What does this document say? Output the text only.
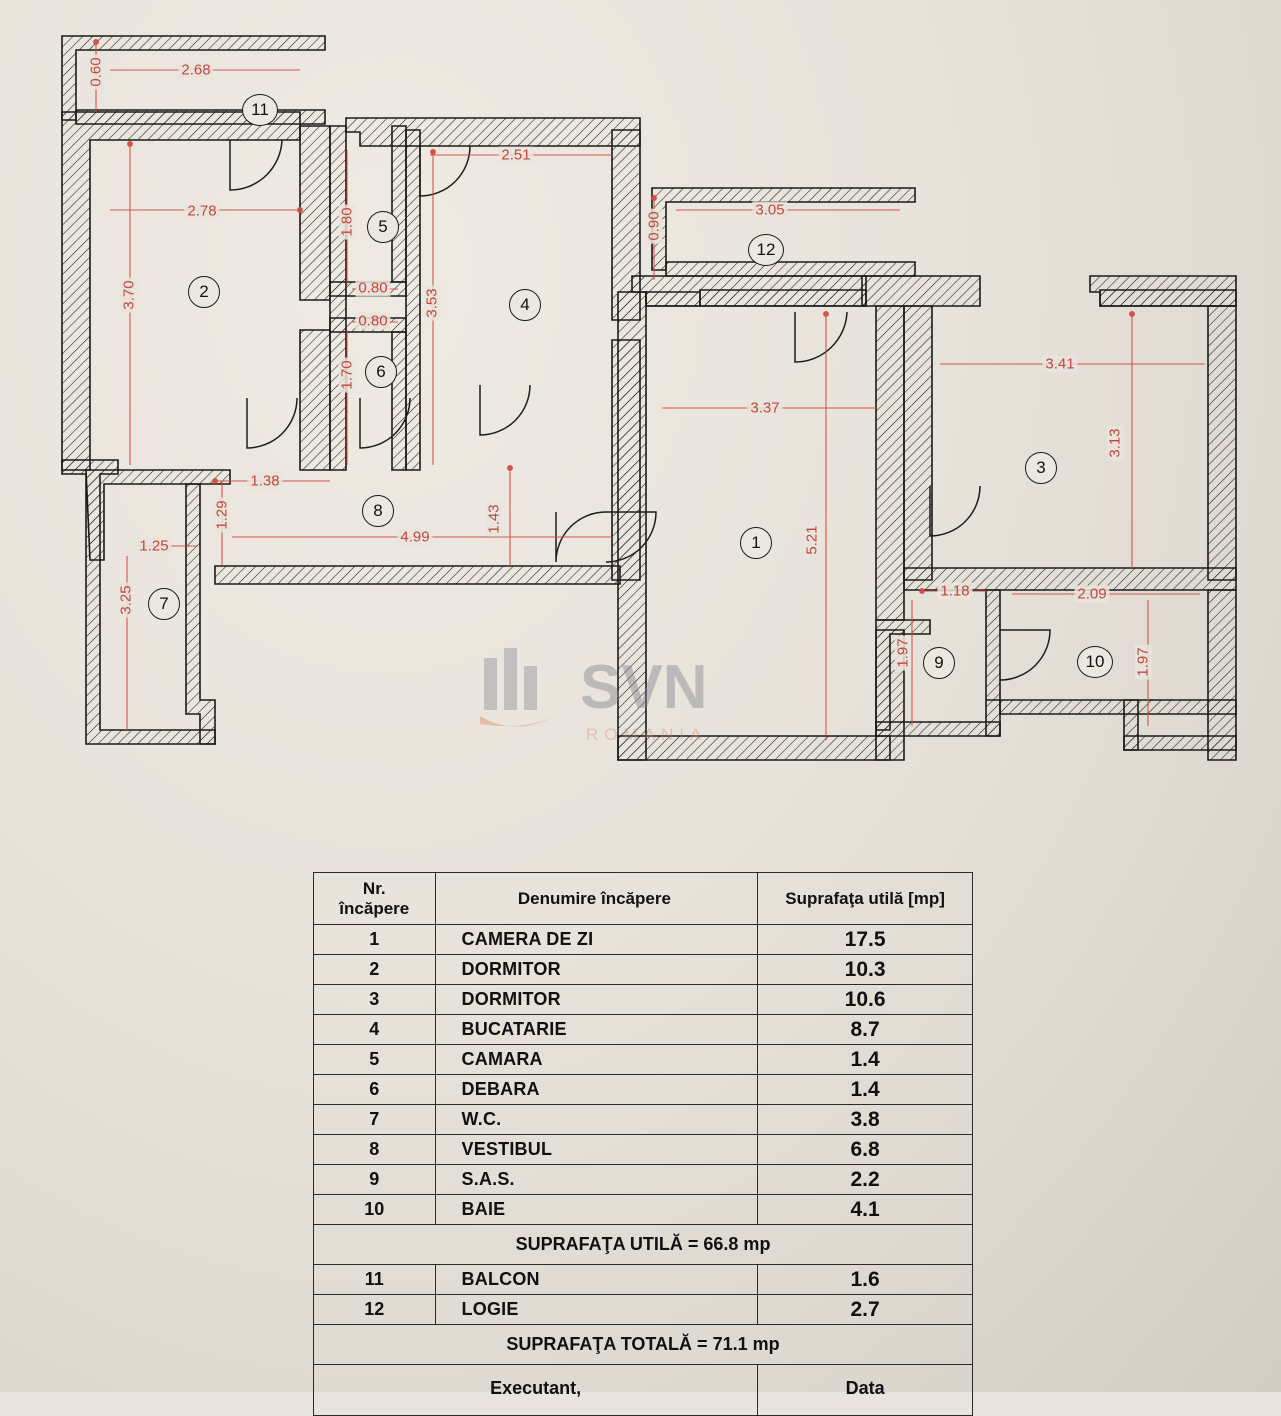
0.60	2.68
2.78
3.70
1.80
2.51
3.53
0.80
0.80
1.70
0.90
3.05
3.41
3.13
3.37
5.21
1.38
1.29
1.25
3.25
4.99
1.43
1.18	2.09
1.97	1.97
1
2
3
4
5
6
7
8
9	10
11
12
SVN
ROMANIA
Nr.
încăpere	Denumire încăpere	Suprafaţa utilă [mp]
1	CAMERA DE ZI	17.5
2	DORMITOR	10.3
3	DORMITOR	10.6
4	BUCATARIE	8.7
5	CAMARA	1.4
6	DEBARA	1.4
7	W.C.	3.8
8	VESTIBUL	6.8
9	S.A.S.	2.2
10	BAIE	4.1
SUPRAFAŢA UTILĂ = 66.8 mp		
11	BALCON	1.6
12	LOGIE	2.7
SUPRAFAŢA TOTALĂ = 71.1 mp		
Executant,		Data
